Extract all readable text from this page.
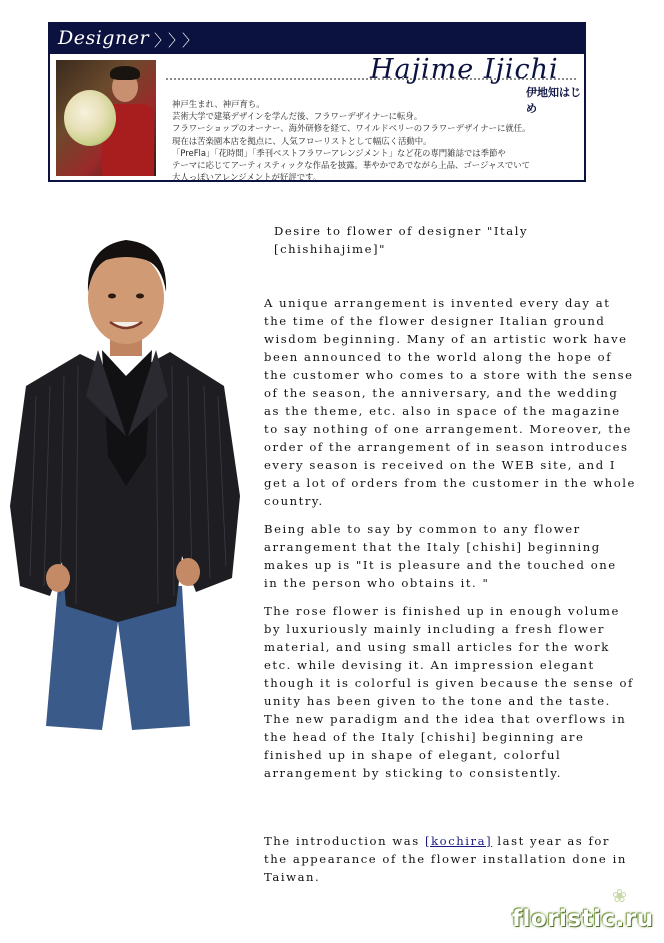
Designer 〉〉〉
Hajime Ijichi
伊地知はじめ
神戸生まれ、神戸育ち。
芸術大学で建築デザインを学んだ後、フラワーデザイナーに転身。
フラワーショップのオーナー、海外研修を経て、ワイルドベリーのフラワーデザイナーに就任。
現在は苦楽園本店を拠点に、人気フローリストとして幅広く活動中。
「PreFla」「花時間」「季刊ベストフラワーアレンジメント」など花の専門雑誌では季節や
テーマに応じてアーティスティックな作品を披露。華やかであでながら上品、ゴージャスでいて
大人っぽいアレンジメントが好評です。

Desire to flower of designer "Italy [chishihajime]"

A unique arrangement is invented every day at the time of the flower designer Italian ground wisdom beginning. Many of an artistic work have been announced to the world along the hope of the customer who comes to a store with the sense of the season, the anniversary, and the wedding as the theme, etc. also in space of the magazine to say nothing of one arrangement. Moreover, the order of the arrangement of in season introduces every season is received on the WEB site, and I get a lot of orders from the customer in the whole country.

Being able to say by common to any flower arrangement that the Italy [chishi] beginning makes up is "It is pleasure and the touched one in the person who obtains it. "

The rose flower is finished up in enough volume by luxuriously mainly including a fresh flower material, and using small articles for the work etc. while devising it. An impression elegant though it is colorful is given because the sense of unity has been given to the tone and the taste.

The new paradigm and the idea that overflows in the head of the Italy [chishi] beginning are finished up in shape of elegant, colorful arrangement by sticking to consistently.

The introduction was [kochira] last year as for the appearance of the flower installation done in Taiwan.

❀
floristic.ru
